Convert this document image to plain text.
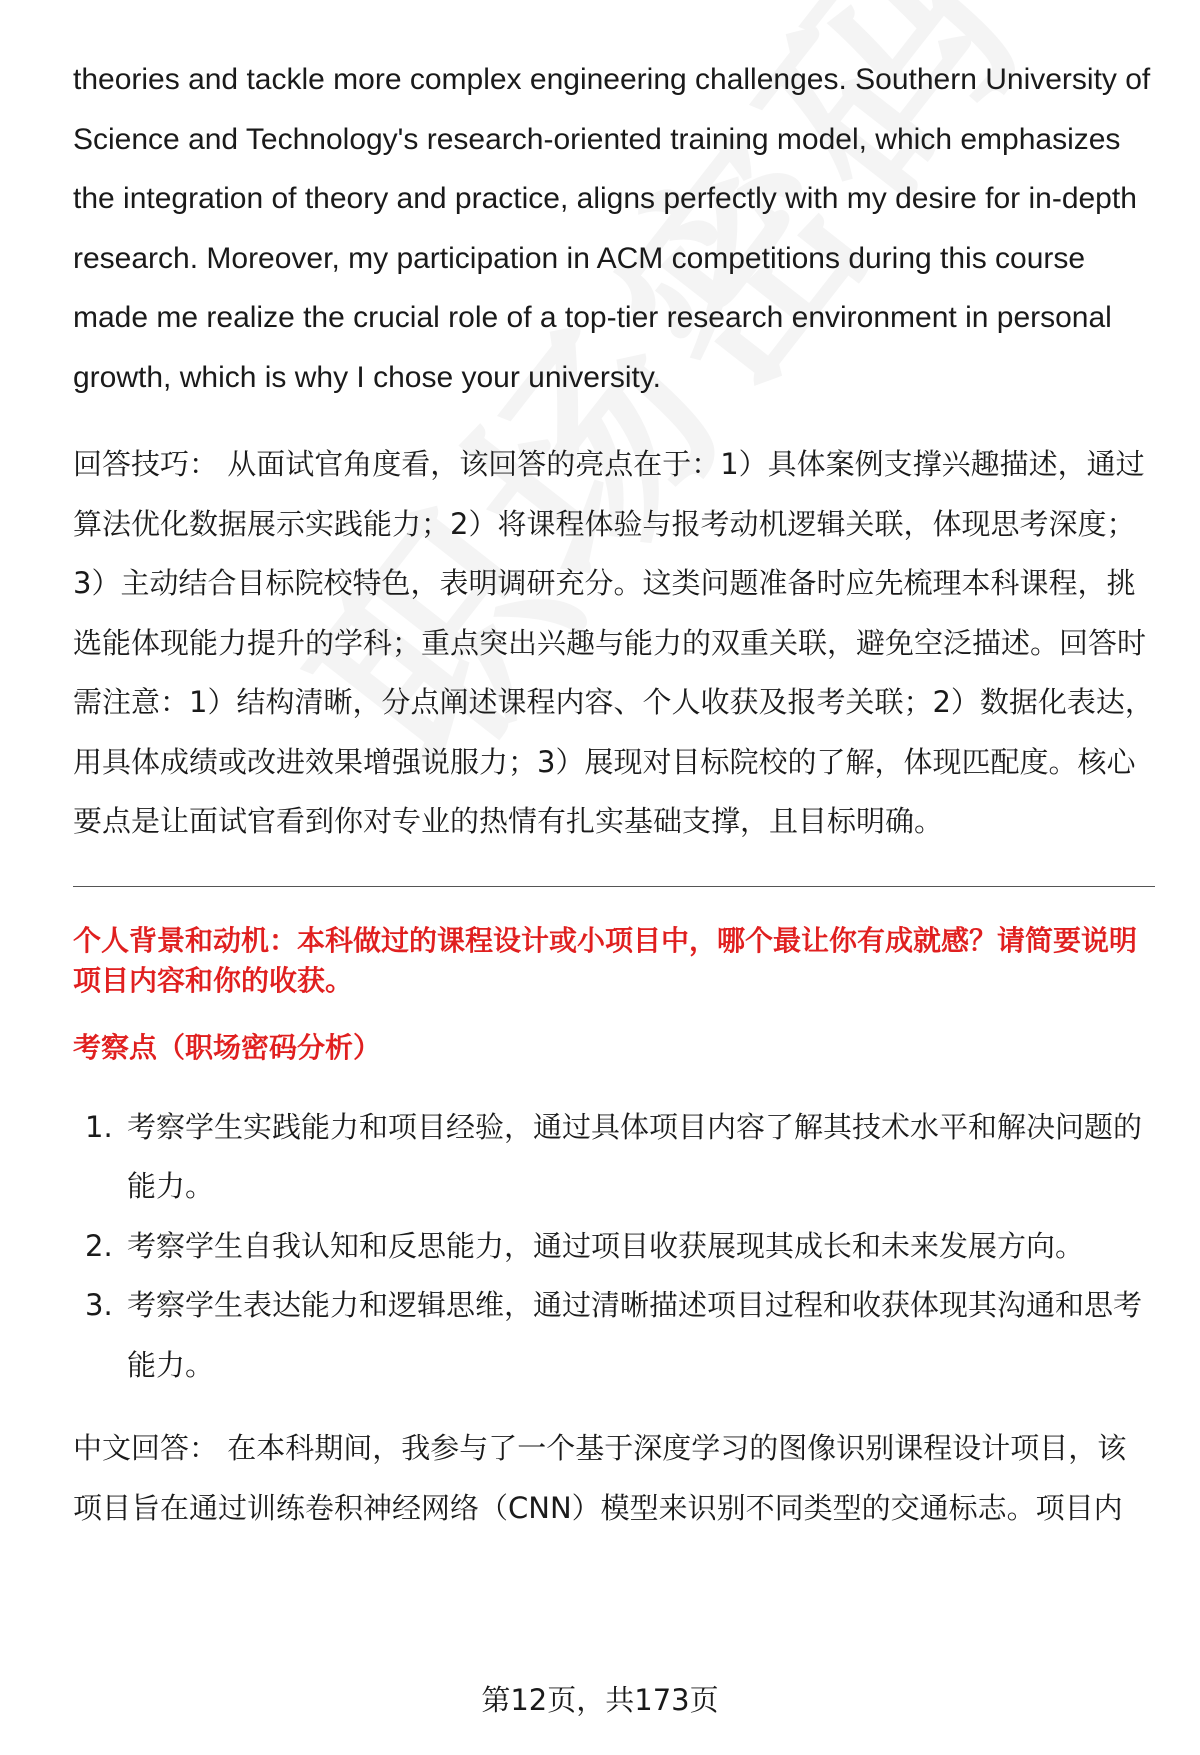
theories and tackle more complex engineering challenges. Southern University of Science and Technology's research-oriented training model, which emphasizes the integration of theory and practice, aligns perfectly with my desire for in-depth research. Moreover, my participation in ACM competitions during this course made me realize the crucial role of a top-tier research environment in personal growth, which is why I chose your university.

回答技巧： 从面试官角度看，该回答的亮点在于：1）具体案例支撑兴趣描述，通过算法优化数据展示实践能力；2）将课程体验与报考动机逻辑关联，体现思考深度；3）主动结合目标院校特色，表明调研充分。这类问题准备时应先梳理本科课程，挑选能体现能力提升的学科；重点突出兴趣与能力的双重关联，避免空泛描述。回答时需注意：1）结构清晰，分点阐述课程内容、个人收获及报考关联；2）数据化表达，用具体成绩或改进效果增强说服力；3）展现对目标院校的了解，体现匹配度。核心要点是让面试官看到你对专业的热情有扎实基础支撑，且目标明确。

个人背景和动机：本科做过的课程设计或小项目中，哪个最让你有成就感？请简要说明项目内容和你的收获。
考察点（职场密码分析）
1. 考察学生实践能力和项目经验，通过具体项目内容了解其技术水平和解决问题的能力。
2. 考察学生自我认知和反思能力，通过项目收获展现其成长和未来发展方向。
3. 考察学生表达能力和逻辑思维，通过清晰描述项目过程和收获体现其沟通和思考能力。

中文回答： 在本科期间，我参与了一个基于深度学习的图像识别课程设计项目，该项目旨在通过训练卷积神经网络（CNN）模型来识别不同类型的交通标志。项目内

第12页，共173页
